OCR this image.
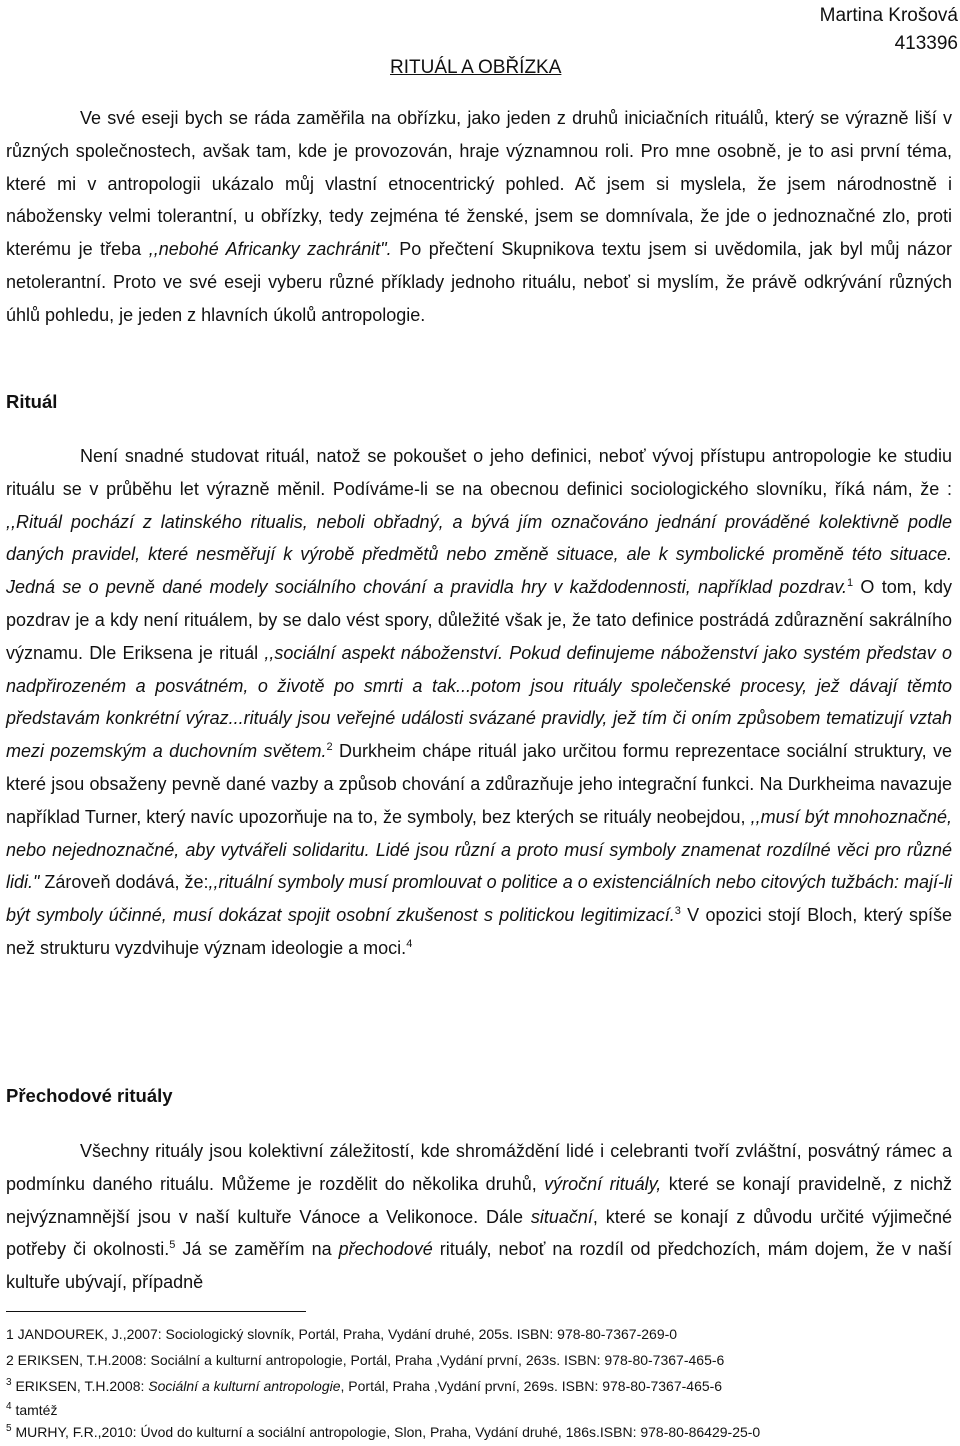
Martina Krošová
413396
RITUÁL A OBŘÍZKA

Ve své eseji bych se ráda zaměřila na obřízku, jako jeden z druhů iniciačních rituálů, který se výrazně liší v různých společnostech, avšak tam, kde je provozován, hraje významnou roli. Pro mne osobně, je to asi první téma, které mi v antropologii ukázalo můj vlastní etnocentrický pohled. Ač jsem si myslela, že jsem národnostně i nábožensky velmi tolerantní, u obřízky, tedy zejména té ženské, jsem se domnívala, že jde o jednoznačné zlo, proti kterému je třeba ,,nebohé Africanky zachránit". Po přečtení Skupnikova textu jsem si uvědomila, jak byl můj názor netolerantní. Proto ve své eseji vyberu různé příklady jednoho rituálu, neboť si myslím, že právě odkrývání různých úhlů pohledu, je jeden z hlavních úkolů antropologie.

Rituál

Není snadné studovat rituál, natož se pokoušet o jeho definici, neboť vývoj přístupu antropologie ke studiu rituálu se v průběhu let výrazně měnil. Podíváme-li se na obecnou definici sociologického slovníku, říká nám, že : ,,Rituál pochází z latinského ritualis, neboli obřadný, a bývá jím označováno jednání prováděné kolektivně podle daných pravidel, které nesměřují k výrobě předmětů nebo změně situace, ale k symbolické proměně této situace. Jedná se o pevně dané modely sociálního chování a pravidla hry v každodennosti, například pozdrav.$^1$ O tom, kdy pozdrav je a kdy není rituálem, by se dalo vést spory, důležité však je, že tato definice postrádá zdůraznění sakrálního významu. Dle Eriksena je rituál ,,sociální aspekt náboženství. Pokud definujeme náboženství jako systém představ o nadpřirozeném a posvátném, o životě po smrti a tak...potom jsou rituály společenské procesy, jež dávají těmto představám konkrétní výraz...rituály jsou veřejné události svázané pravidly, jež tím či oním způsobem tematizují vztah mezi pozemským a duchovním světem.$^2$ Durkheim chápe rituál jako určitou formu reprezentace sociální struktury, ve které jsou obsaženy pevně dané vazby a způsob chování a zdůrazňuje jeho integrační funkci. Na Durkheima navazuje například Turner, který navíc upozorňuje na to, že symboly, bez kterých se rituály neobejdou, ,,musí být mnohoznačné, nebo nejednoznačné, aby vytvářeli solidaritu. Lidé jsou různí a proto musí symboly znamenat rozdílné věci pro různé lidi." Zároveň dodává, že:,,rituální symboly musí promlouvat o politice a o existenciálních nebo citových tužbách: mají-li být symboly účinné, musí dokázat spojit osobní zkušenost s politickou legitimizací.$^3$ V opozici stojí Bloch, který spíše než strukturu vyzdvihuje význam ideologie a moci.$^4$

Přechodové rituály

Všechny rituály jsou kolektivní záležitostí, kde shromáždění lidé i celebranti tvoří zvláštní, posvátný rámec a podmínku daného rituálu. Můžeme je rozdělit do několika druhů, výroční rituály, které se konají pravidelně, z nichž nejvýznamnější jsou v naší kultuře Vánoce a Velikonoce. Dále situační, které se konají z důvodu určité výjimečné potřeby či okolnosti.$^5$ Já se zaměřím na přechodové rituály, neboť na rozdíl od předchozích, mám dojem, že v naší kultuře ubývají, případně

1 JANDOUREK, J.,2007: Sociologický slovník, Portál, Praha, Vydání druhé, 205s. ISBN: 978-80-7367-269-0

2 ERIKSEN, T.H.2008: Sociální a kulturní antropologie, Portál, Praha ,Vydání první, 263s. ISBN: 978-80-7367-465-6

$^3$ ERIKSEN, T.H.2008: Sociální a kulturní antropologie, Portál, Praha ,Vydání první, 269s. ISBN: 978-80-7367-465-6

$^4$ tamtéž

$^5$ MURHY, F.R.,2010: Úvod do kulturní a sociální antropologie, Slon, Praha, Vydání druhé, 186s.ISBN: 978-80-86429-25-0
